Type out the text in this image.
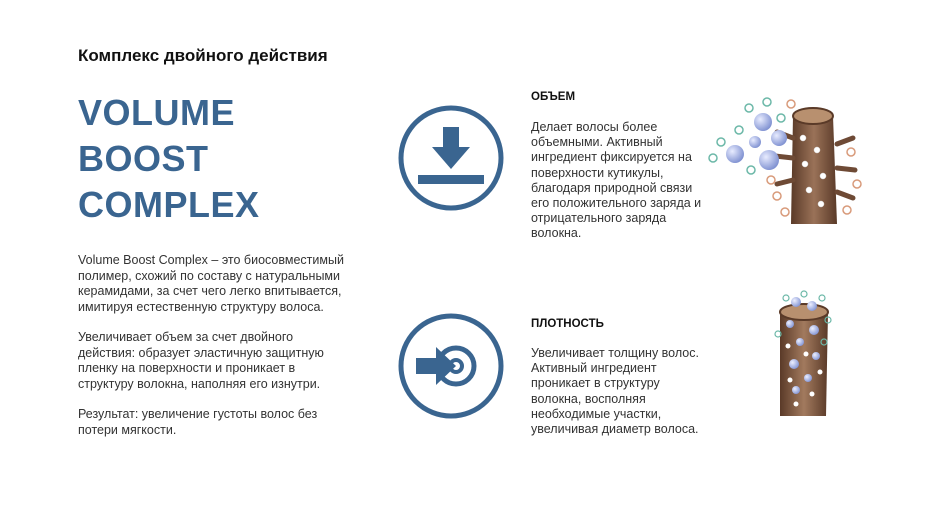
Комплекс двойного действия
VOLUME
BOOST
COMPLEX

Volume Boost Complex – это биосовместимый полимер, схожий по составу с натуральными керамидами, за счет чего легко впитывается, имитируя естественную структуру волоса.

Увеличивает объем за счет двойного действия: образует эластичную защитную пленку на поверхности и проникает в структуру волокна, наполняя его изнутри.

Результат: увеличение густоты волос без потери мягкости.

ОБЪЕМ
Делает волосы более объемными. Активный ингредиент фиксируется на поверхности кутикулы, благодаря природной связи его положительного заряда и отрицательного заряда волокна.
ПЛОТНОСТЬ
Увеличивает толщину волос. Активный ингредиент проникает в структуру волокна, восполняя необходимые участки, увеличивая диаметр волоса.
